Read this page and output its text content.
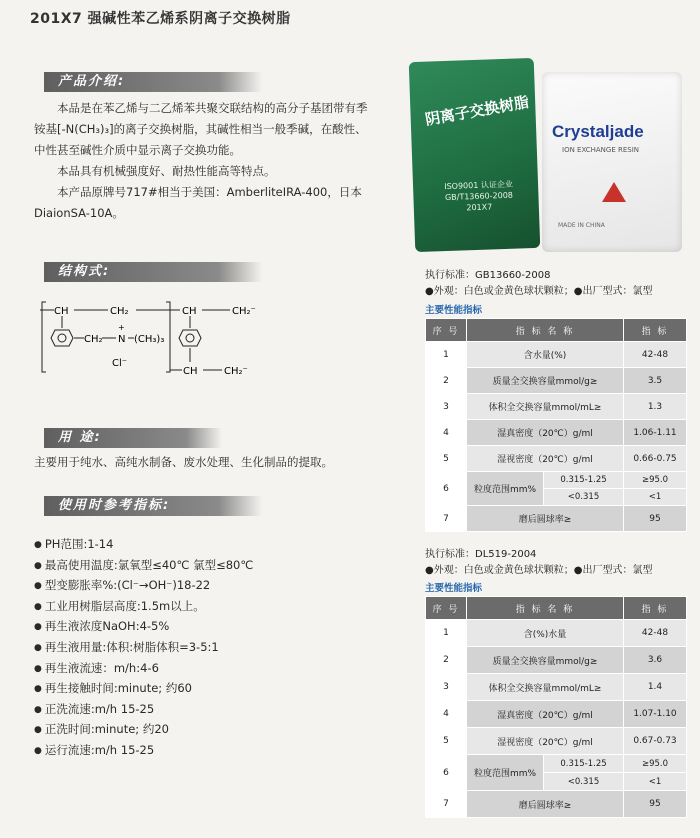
201X7 强碱性苯乙烯系阴离子交换树脂
产品介绍:

本品是在苯乙烯与二乙烯苯共聚交联结构的高分子基团带有季铵基[-N(CH₃)₃]的离子交换树脂，其碱性相当一般季碱，在酸性、中性甚至碱性介质中显示离子交换功能。

本品具有机械强度好、耐热性能高等特点。

本产品原牌号717#相当于美国：AmberliteIRA-400，日本DiaionSA-10A。

阴离子交换树脂
ISO9001 认证企业 GB/T13660-2008 201X7
Crystaljade
ION EXCHANGE RESIN
MADE IN CHINA
结构式:
CH	CH₂	CH	CH₂⁻
CH₂
+
N (CH₃)₃
Cl⁻
CH	CH₂⁻
用 途:
主要用于纯水、高纯水制备、废水处理、生化制品的提取。
使用时参考指标:
● PH范围:1-14
● 最高使用温度:氯氧型≤40℃ 氯型≤80℃
● 型变膨胀率%:(Cl⁻→OH⁻)18-22
● 工业用树脂层高度:1.5m以上。
● 再生液浓度NaOH:4-5%
● 再生液用量:体积:树脂体积=3-5:1
● 再生液流速：m/h:4-6
● 再生接触时间:minute; 约60
● 正洗流速:m/h 15-25
● 正洗时间:minute; 约20
● 运行流速:m/h 15-25
执行标准：GB13660-2008
●外观：白色或金黄色球状颗粒；●出厂型式：氯型
主要性能指标
序 号	指 标 名 称		指 标
1	含水量(%)		42-48
2	质量全交换容量mmol/g≥		3.5
3	体积全交换容量mmol/mL≥		1.3
4	湿真密度（20℃）g/ml		1.06-1.11
5	湿视密度（20℃）g/ml		0.66-0.75
6	粒度范围mm%	0.315-1.25	≥95.0
		<0.315	<1
7	磨后圆球率≥		95
执行标准：DL519-2004
●外观：白色或金黄色球状颗粒；●出厂型式：氯型
主要性能指标
序 号	指 标 名 称		指 标
1	含(%)水量		42-48
2	质量全交换容量mmol/g≥		3.6
3	体积全交换容量mmol/mL≥		1.4
4	湿真密度（20℃）g/ml		1.07-1.10
5	湿视密度（20℃）g/ml		0.67-0.73
6	粒度范围mm%	0.315-1.25	≥95.0
		<0.315	<1
7	磨后圆球率≥		95
